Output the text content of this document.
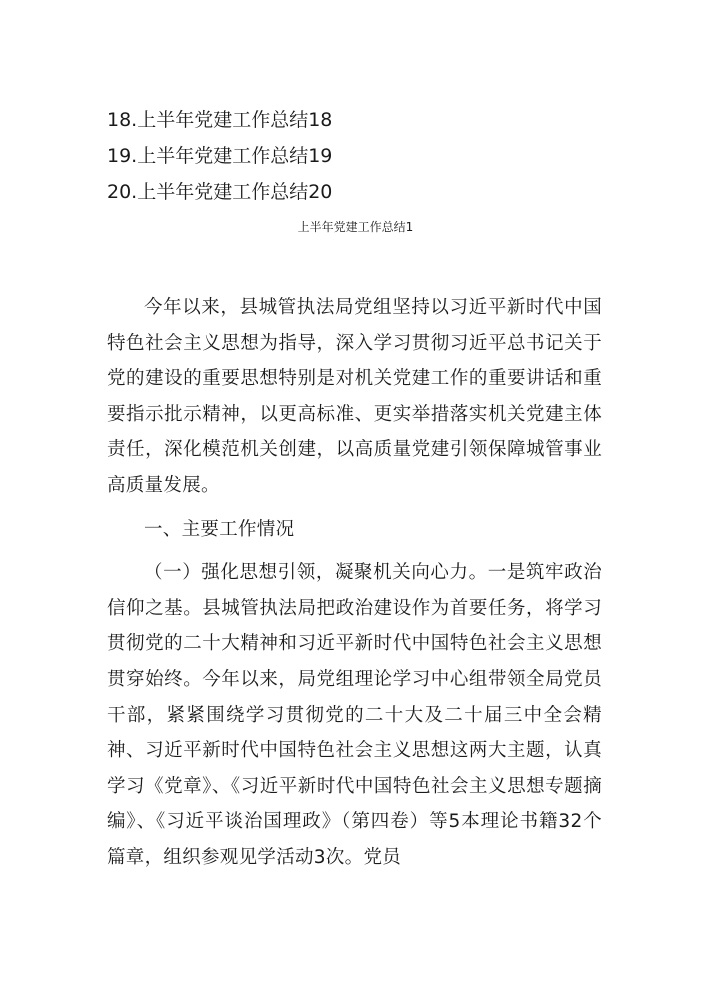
18.上半年党建工作总结18
19.上半年党建工作总结19
20.上半年党建工作总结20
上半年党建工作总结1

今年以来，县城管执法局党组坚持以习近平新时代中国特色社会主义思想为指导，深入学习贯彻习近平总书记关于党的建设的重要思想特别是对机关党建工作的重要讲话和重要指示批示精神，以更高标准、更实举措落实机关党建主体责任，深化模范机关创建，以高质量党建引领保障城管事业高质量发展。

一、主要工作情况

（一）强化思想引领，凝聚机关向心力。一是筑牢政治信仰之基。县城管执法局把政治建设作为首要任务，将学习贯彻党的二十大精神和习近平新时代中国特色社会主义思想贯穿始终。今年以来，局党组理论学习中心组带领全局党员干部，紧紧围绕学习贯彻党的二十大及二十届三中全会精神、习近平新时代中国特色社会主义思想这两大主题，认真学习《党章》、《习近平新时代中国特色社会主义思想专题摘编》、《习近平谈治国理政》（第四卷）等5本理论书籍32个篇章，组织参观见学活动3次。党员
